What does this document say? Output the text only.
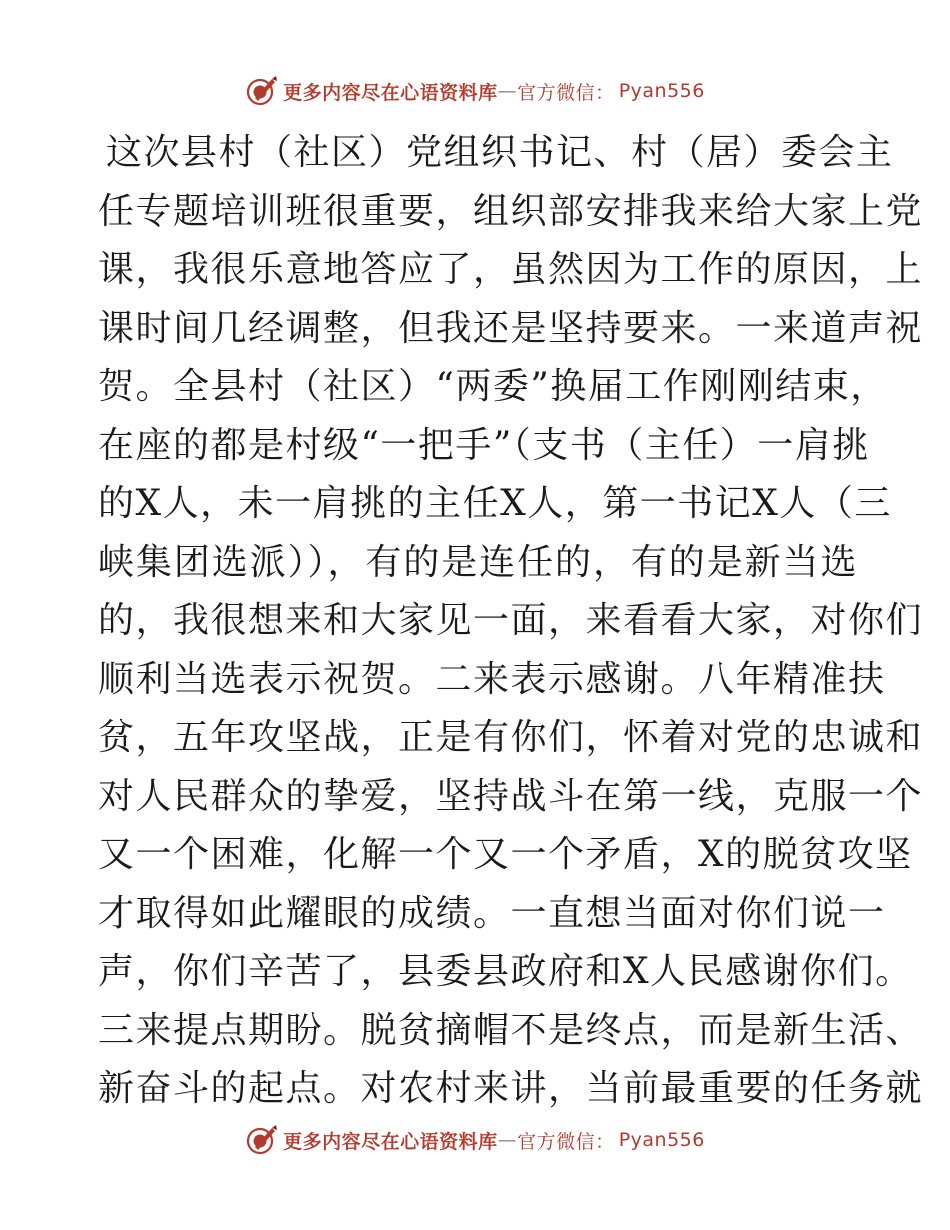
更多内容尽在心语资料库 — 官方微信： Pyan556
这次县村（社区）党组织书记、村（居）委会主
任专题培训班很重要，组织部安排我来给大家上党
课，我很乐意地答应了，虽然因为工作的原因，上
课时间几经调整，但我还是坚持要来。一来道声祝
贺。全县村（社区）“两委”换届工作刚刚结束，
在座的都是村级“一把手”（支书（主任）一肩挑
的X人，未一肩挑的主任X人，第一书记X人（三
峡集团选派）），有的是连任的，有的是新当选
的，我很想来和大家见一面，来看看大家，对你们
顺利当选表示祝贺。二来表示感谢。八年精准扶
贫，五年攻坚战，正是有你们，怀着对党的忠诚和
对人民群众的挚爱，坚持战斗在第一线，克服一个
又一个困难，化解一个又一个矛盾，X的脱贫攻坚
才取得如此耀眼的成绩。一直想当面对你们说一
声，你们辛苦了，县委县政府和X人民感谢你们。
三来提点期盼。脱贫摘帽不是终点，而是新生活、
新奋斗的起点。对农村来讲，当前最重要的任务就
更多内容尽在心语资料库 — 官方微信： Pyan556
